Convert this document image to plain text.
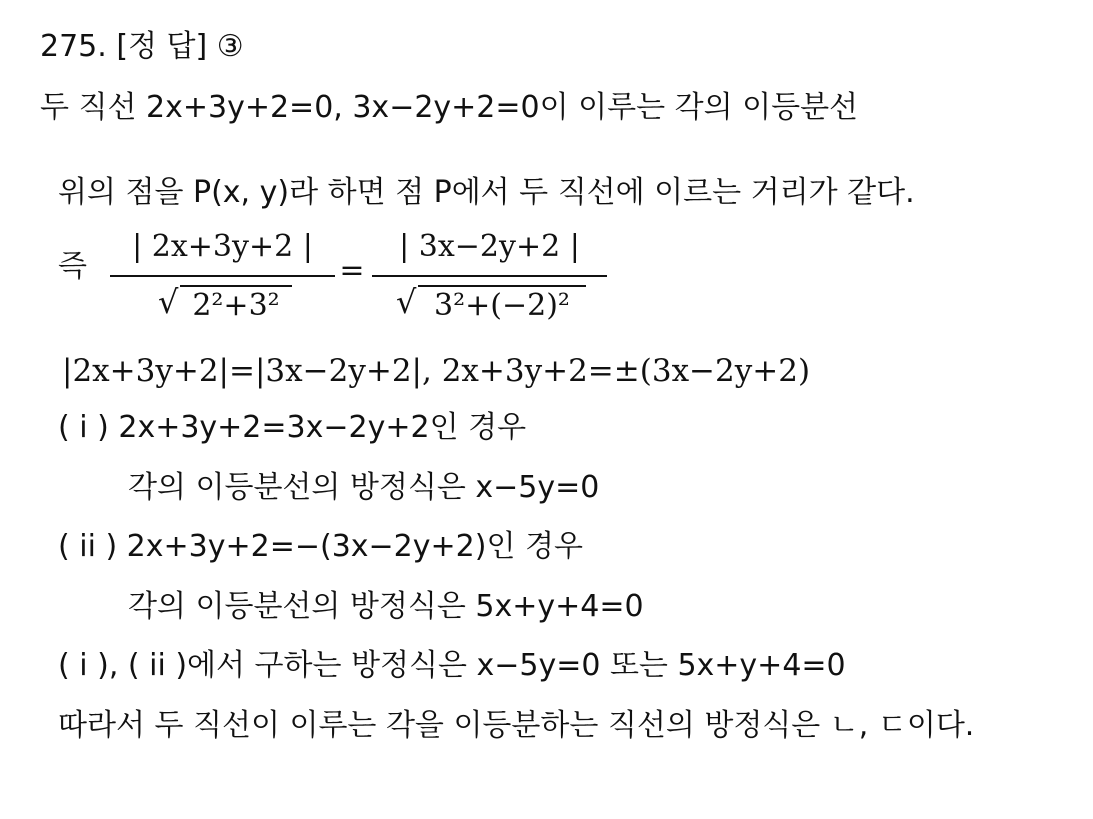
275. [정 답] ③
두 직선 2x+3y+2=0, 3x−2y+2=0이 이루는 각의 이등분선
위의 점을 P(x, y)라 하면 점 P에서 두 직선에 이르는 거리가 같다.
즉
| 2x+3y+2 |
√ 2²+3²
=
| 3x−2y+2 |
√ 3²+(−2)²
|2x+3y+2|=|3x−2y+2|, 2x+3y+2=±(3x−2y+2)
( i ) 2x+3y+2=3x−2y+2인 경우
각의 이등분선의 방정식은 x−5y=0
( ii ) 2x+3y+2=−(3x−2y+2)인 경우
각의 이등분선의 방정식은 5x+y+4=0
( i ), ( ii )에서 구하는 방정식은 x−5y=0 또는 5x+y+4=0
따라서 두 직선이 이루는 각을 이등분하는 직선의 방정식은 ㄴ, ㄷ이다.
